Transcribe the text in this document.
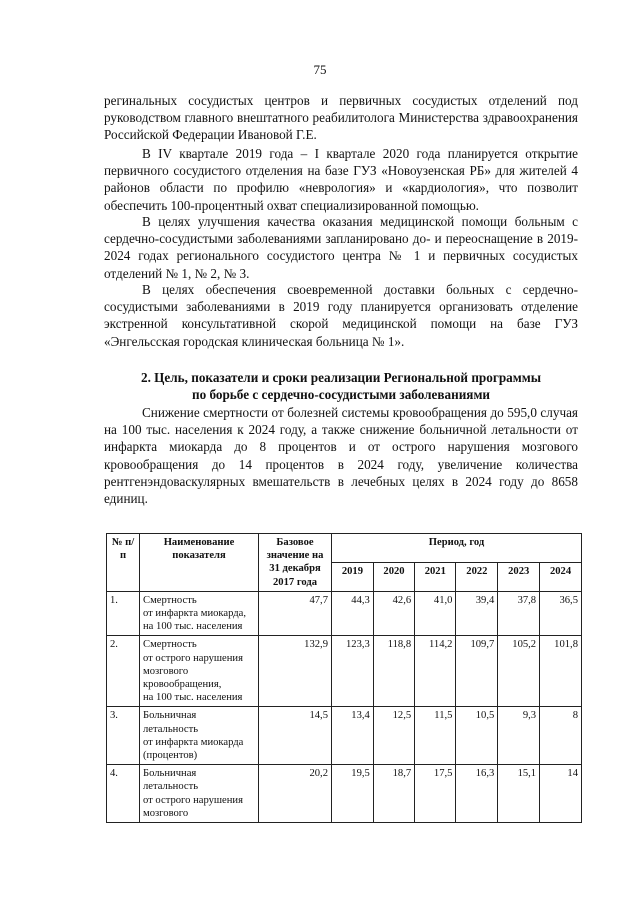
75

регинальных сосудистых центров и первичных сосудистых отделений под руководством главного внештатного реабилитолога Министерства здравоохранения Российской Федерации Ивановой Г.Е.

В IV квартале 2019 года – I квартале 2020 года планируется открытие первичного сосудистого отделения на базе ГУЗ «Новоузенская РБ» для жителей 4 районов области по профилю «неврология» и «кардиология», что позволит обеспечить 100-процентный охват специализированной помощью.

В целях улучшения качества оказания медицинской помощи больным с сердечно-сосудистыми заболеваниями запланировано до- и переоснащение в 2019-2024 годах регионального сосудистого центра № 1 и первичных сосудистых отделений № 1, № 2, № 3.

В целях обеспечения своевременной доставки больных с сердечно-сосудистыми заболеваниями в 2019 году планируется организовать отделение экстренной консультативной скорой медицинской помощи на базе ГУЗ «Энгельсская городская клиническая больница № 1».

2. Цель, показатели и сроки реализации Региональной программы
по борьбе с сердечно-сосудистыми заболеваниями

Снижение смертности от болезней системы кровообращения до 595,0 случая на 100 тыс. населения к 2024 году, а также снижение больничной летальности от инфаркта миокарда до 8 процентов и от острого нарушения мозгового кровообращения до 14 процентов в 2024 году, увеличение количества рентгенэндоваскулярных вмешательств в лечебных целях в 2024 году до 8658 единиц.

№ п/п	Наименование показателя	Базовое значение на 31 декабря 2017 года	Период, год					
			2019	2020	2021	2022	2023	2024
1.	Смертность
от инфаркта миокарда,
на 100 тыс. населения	47,7	44,3	42,6	41,0	39,4	37,8	36,5
2.	Смертность
от острого нарушения
мозгового
кровообращения,
на 100 тыс. населения	132,9	123,3	118,8	114,2	109,7	105,2	101,8
3.	Больничная
летальность
от инфаркта миокарда
(процентов)	14,5	13,4	12,5	11,5	10,5	9,3	8
4.	Больничная
летальность
от острого нарушения
мозгового	20,2	19,5	18,7	17,5	16,3	15,1	14
